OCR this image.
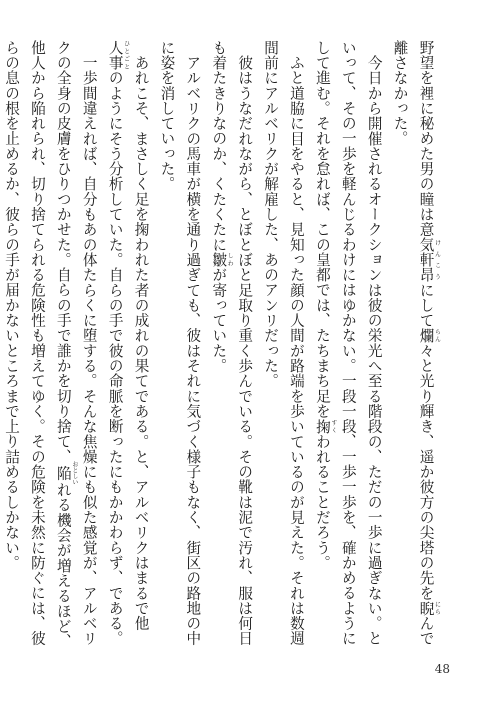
野望を裡に秘めた男の瞳は意気軒昂 けんこうにして爛 らん々と光り輝き、遥か彼方の尖塔の先を睨 にらんで離さなかった。

　今日から開催されるオークションは彼の栄光へ至る階段の、ただの一歩に過ぎない。といって、その一歩を軽んじるわけにはゆかない。一段一段、一歩一歩を、確かめるようにして進む。それを怠れば、この皇都では、たちまち足を掬 すくわれることだろう。

　ふと道脇に目をやると、見知った顔の人間が路端を歩いているのが見えた。それは数週間前にアルベリクが解雇した、あのアンリだった。

　彼はうなだれながら、とぼとぼと足取り重く歩んでいる。その靴は泥で汚れ、服は何日も着たきりなのか、くたくたに皺 しわが寄っていた。

　アルベリクの馬車が横を通り過ぎても、彼はそれに気づく様子もなく、街区の路地の中に姿を消していった。

　あれこそ、まさしく足を掬われた者の成れの果てである。と、アルベリクはまるで他人事 ひとごとのようにそう分析していた。自らの手で彼の命脈を断ったにもかかわらず、である。

　一歩間違えれば、自分もあの体たらくに堕する。そんな焦燥にも似た感覚が、アルベリクの全身の皮膚をひりつかせた。自らの手で誰かを切り捨て、陥 おとしいれる機会が増えるほど、他人から陥れられ、切り捨てられる危険性も増えてゆく。その危険を未然に防ぐには、彼らの息の根を止めるか、彼らの手が届かないところまで上り詰めるしかない。

48
